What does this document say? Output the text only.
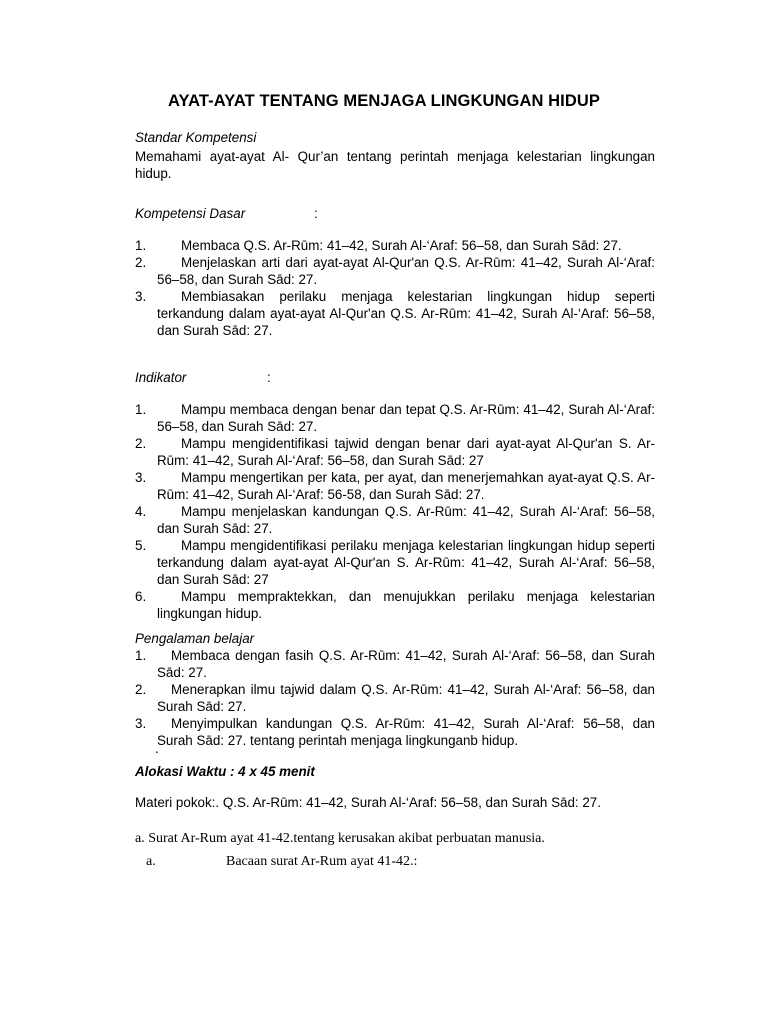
AYAT-AYAT TENTANG MENJAGA LINGKUNGAN HIDUP
Standar Kompetensi

Memahami ayat-ayat Al- Qur’an tentang perintah menjaga kelestarian lingkungan hidup.

Kompetensi Dasar	:
1.	Membaca Q.S. Ar-Rūm: 41–42, Surah Al-‘Araf: 56–58, dan Surah Sād: 27.
2.	Menjelaskan arti dari ayat-ayat Al-Qur'an Q.S. Ar-Rūm: 41–42, Surah Al-‘Araf: 56–58, dan Surah Sād: 27.
3.	Membiasakan perilaku menjaga kelestarian lingkungan hidup seperti terkandung dalam ayat-ayat Al-Qur'an Q.S. Ar-Rūm: 41–42, Surah Al-‘Araf: 56–58, dan Surah Sād: 27.
Indikator	:
1.	Mampu membaca dengan benar dan tepat Q.S. Ar-Rūm: 41–42, Surah Al-‘Araf: 56–58, dan Surah Sād: 27.
2.	Mampu mengidentifikasi tajwid dengan benar dari ayat-ayat Al-Qur'an S. Ar-Rūm: 41–42, Surah Al-‘Araf: 56–58, dan Surah Sād: 27
3.	Mampu mengertikan per kata, per ayat, dan menerjemahkan ayat-ayat Q.S. Ar-Rūm: 41–42, Surah Al-‘Araf: 56-58, dan Surah Sād: 27.
4.	Mampu menjelaskan kandungan Q.S. Ar-Rūm: 41–42, Surah Al-‘Araf: 56–58, dan Surah Sād: 27.
5.	Mampu mengidentifikasi perilaku menjaga kelestarian lingkungan hidup seperti terkandung dalam ayat-ayat Al-Qur'an S. Ar-Rūm: 41–42, Surah Al-‘Araf: 56–58, dan Surah Sād: 27
6.	Mampu mempraktekkan, dan menujukkan perilaku menjaga kelestarian lingkungan hidup.
Pengalaman belajar
1. Membaca dengan fasih Q.S. Ar-Rūm: 41–42, Surah Al-‘Araf: 56–58, dan Surah Sād: 27.
2. Menerapkan ilmu tajwid dalam Q.S. Ar-Rūm: 41–42, Surah Al-‘Araf: 56–58, dan Surah Sād: 27.
3. Menyimpulkan kandungan Q.S. Ar-Rūm: 41–42, Surah Al-‘Araf: 56–58, dan Surah Sād: 27. tentang perintah menjaga lingkunganb hidup.
.
Alokasi Waktu : 4 x 45 menit
Materi pokok:. Q.S. Ar-Rūm: 41–42, Surah Al-‘Araf: 56–58, dan Surah Sād: 27.
a. Surat Ar-Rum ayat 41-42.tentang kerusakan akibat perbuatan manusia.
a.	Bacaan surat Ar-Rum ayat 41-42.:
